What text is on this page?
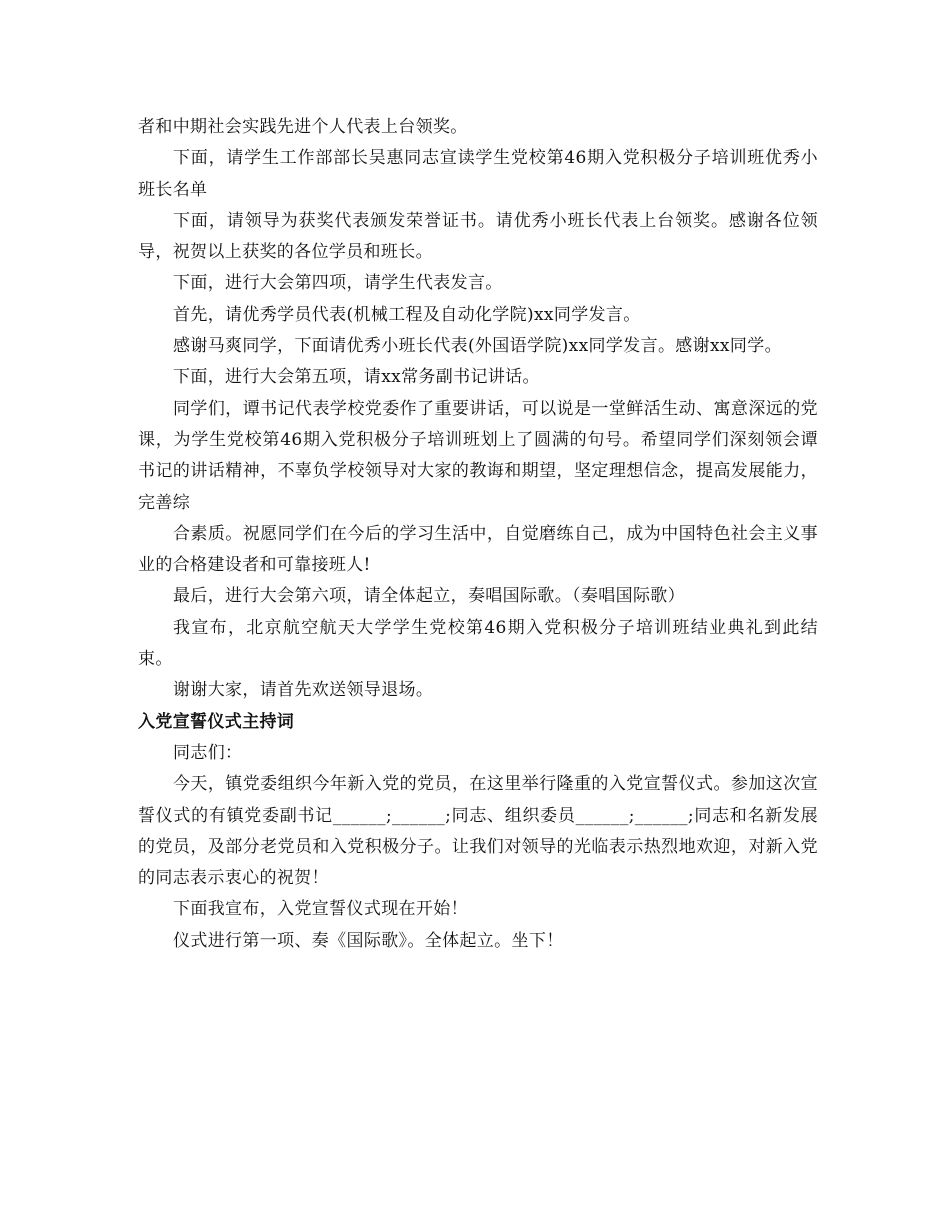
者和中期社会实践先进个人代表上台领奖。

下面，请学生工作部部长吴惠同志宣读学生党校第46期入党积极分子培训班优秀小班长名单

下面，请领导为获奖代表颁发荣誉证书。请优秀小班长代表上台领奖。感谢各位领导，祝贺以上获奖的各位学员和班长。

下面，进行大会第四项，请学生代表发言。

首先，请优秀学员代表(机械工程及自动化学院)xx同学发言。

感谢马爽同学，下面请优秀小班长代表(外国语学院)xx同学发言。感谢xx同学。

下面，进行大会第五项，请xx常务副书记讲话。

同学们，谭书记代表学校党委作了重要讲话，可以说是一堂鲜活生动、寓意深远的党课，为学生党校第46期入党积极分子培训班划上了圆满的句号。希望同学们深刻领会谭书记的讲话精神，不辜负学校领导对大家的教诲和期望，坚定理想信念，提高发展能力，完善综

合素质。祝愿同学们在今后的学习生活中，自觉磨练自己，成为中国特色社会主义事业的合格建设者和可靠接班人!

最后，进行大会第六项，请全体起立，奏唱国际歌。（奏唱国际歌）

我宣布，北京航空航天大学学生党校第46期入党积极分子培训班结业典礼到此结束。

谢谢大家，请首先欢送领导退场。

入党宣誓仪式主持词

同志们：

今天，镇党委组织今年新入党的党员，在这里举行隆重的入党宣誓仪式。参加这次宣誓仪式的有镇党委副书记______;______;同志、组织委员______;______;同志和名新发展的党员，及部分老党员和入党积极分子。让我们对领导的光临表示热烈地欢迎，对新入党的同志表示衷心的祝贺！

下面我宣布，入党宣誓仪式现在开始！

仪式进行第一项、奏《国际歌》。全体起立。坐下！
